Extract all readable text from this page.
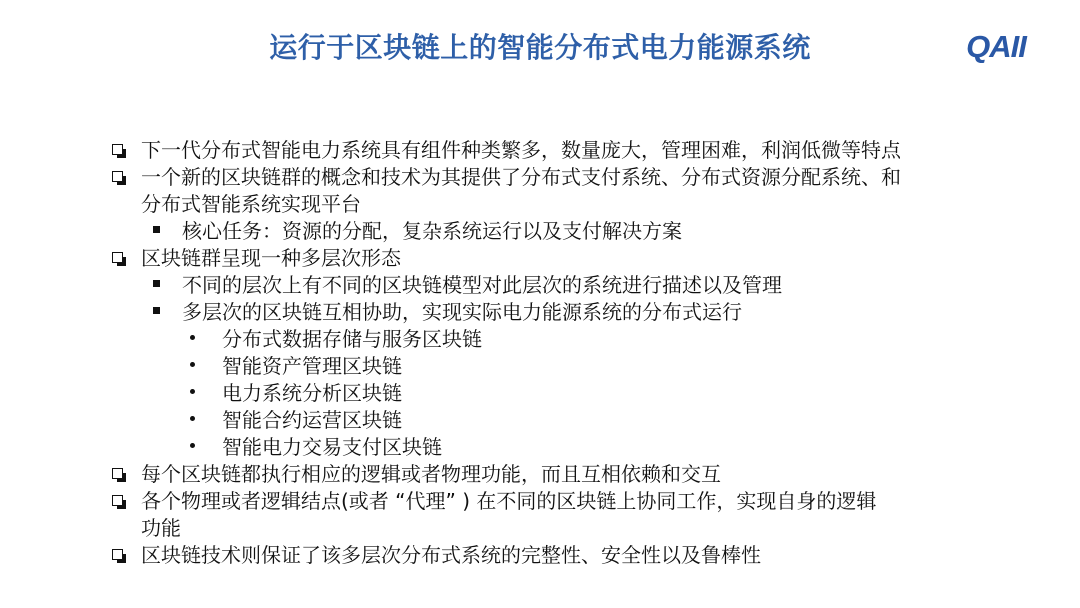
运行于区块链上的智能分布式电力能源系统	QAII
下一代分布式智能电力系统具有组件种类繁多，数量庞大，管理困难，利润低微等特点
一个新的区块链群的概念和技术为其提供了分布式支付系统、分布式资源分配系统、和
分布式智能系统实现平台
核心任务：资源的分配，复杂系统运行以及支付解决方案
区块链群呈现一种多层次形态
不同的层次上有不同的区块链模型对此层次的系统进行描述以及管理
多层次的区块链互相协助，实现实际电力能源系统的分布式运行
分布式数据存储与服务区块链
智能资产管理区块链
电力系统分析区块链
智能合约运营区块链
智能电力交易支付区块链
每个区块链都执行相应的逻辑或者物理功能，而且互相依赖和交互
各个物理或者逻辑结点(或者 “代理” ) 在不同的区块链上协同工作，实现自身的逻辑
功能
区块链技术则保证了该多层次分布式系统的完整性、安全性以及鲁棒性
